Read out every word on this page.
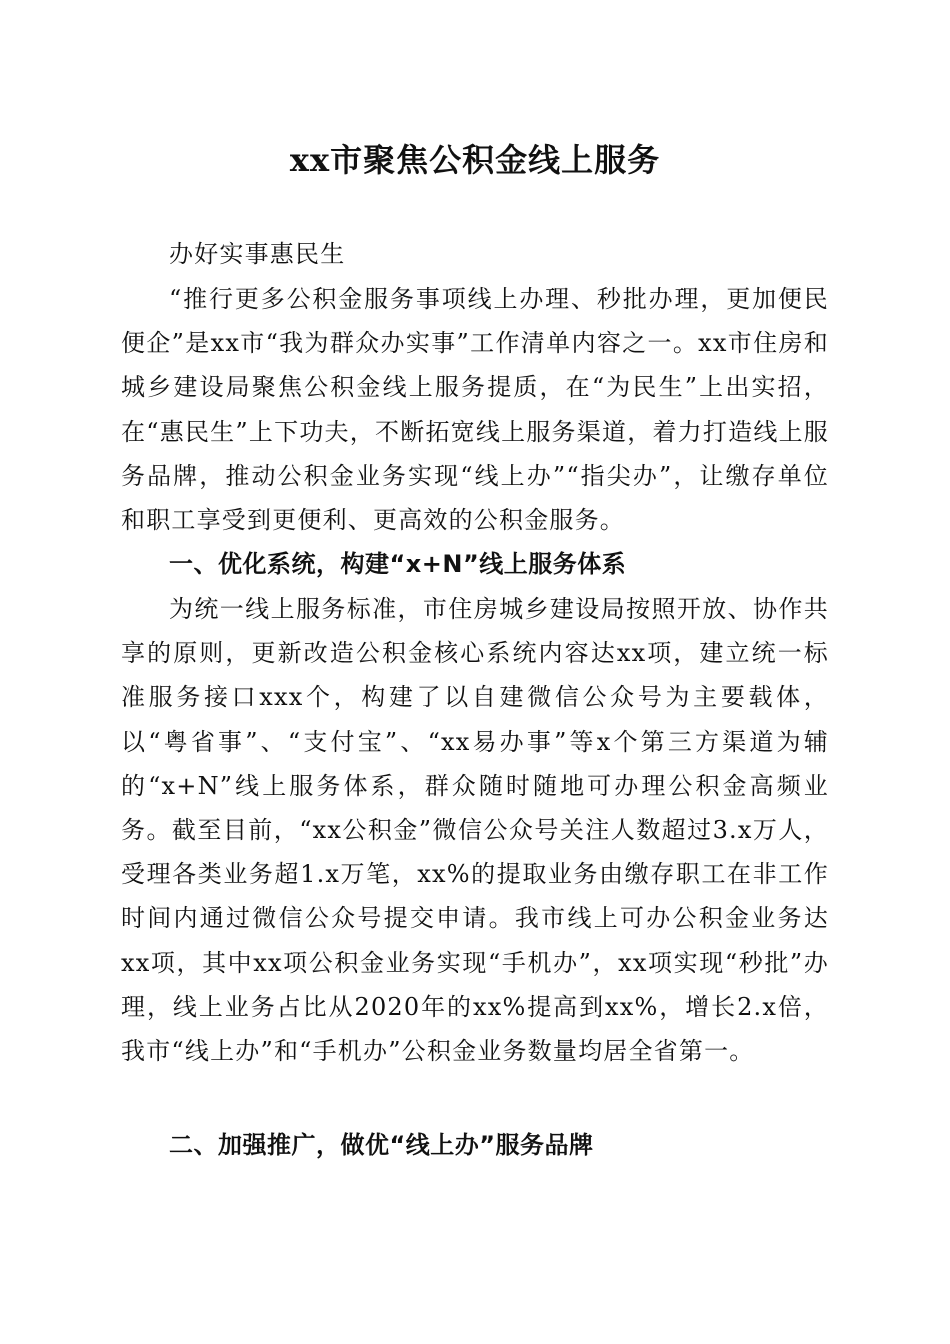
xx市聚焦公积金线上服务

办好实事惠民生

“推行更多公积金服务事项线上办理、秒批办理，更加便民便企”是xx市“我为群众办实事”工作清单内容之一。xx市住房和城乡建设局聚焦公积金线上服务提质，在“为民生”上出实招，在“惠民生”上下功夫，不断拓宽线上服务渠道，着力打造线上服务品牌，推动公积金业务实现“线上办”“指尖办”，让缴存单位和职工享受到更便利、更高效的公积金服务。

一、优化系统，构建“x+N”线上服务体系

为统一线上服务标准，市住房城乡建设局按照开放、协作共享的原则，更新改造公积金核心系统内容达xx项，建立统一标准服务接口xxx个，构建了以自建微信公众号为主要载体，以“粤省事”、“支付宝”、“xx易办事”等x个第三方渠道为辅的“x+N”线上服务体系，群众随时随地可办理公积金高频业务。截至目前，“xx公积金”微信公众号关注人数超过3.x万人，受理各类业务超1.x万笔，xx%的提取业务由缴存职工在非工作时间内通过微信公众号提交申请。我市线上可办公积金业务达xx项，其中xx项公积金业务实现“手机办”，xx项实现“秒批”办理，线上业务占比从2020年的xx%提高到xx%，增长2.x倍，我市“线上办”和“手机办”公积金业务数量均居全省第一。

二、加强推广，做优“线上办”服务品牌
